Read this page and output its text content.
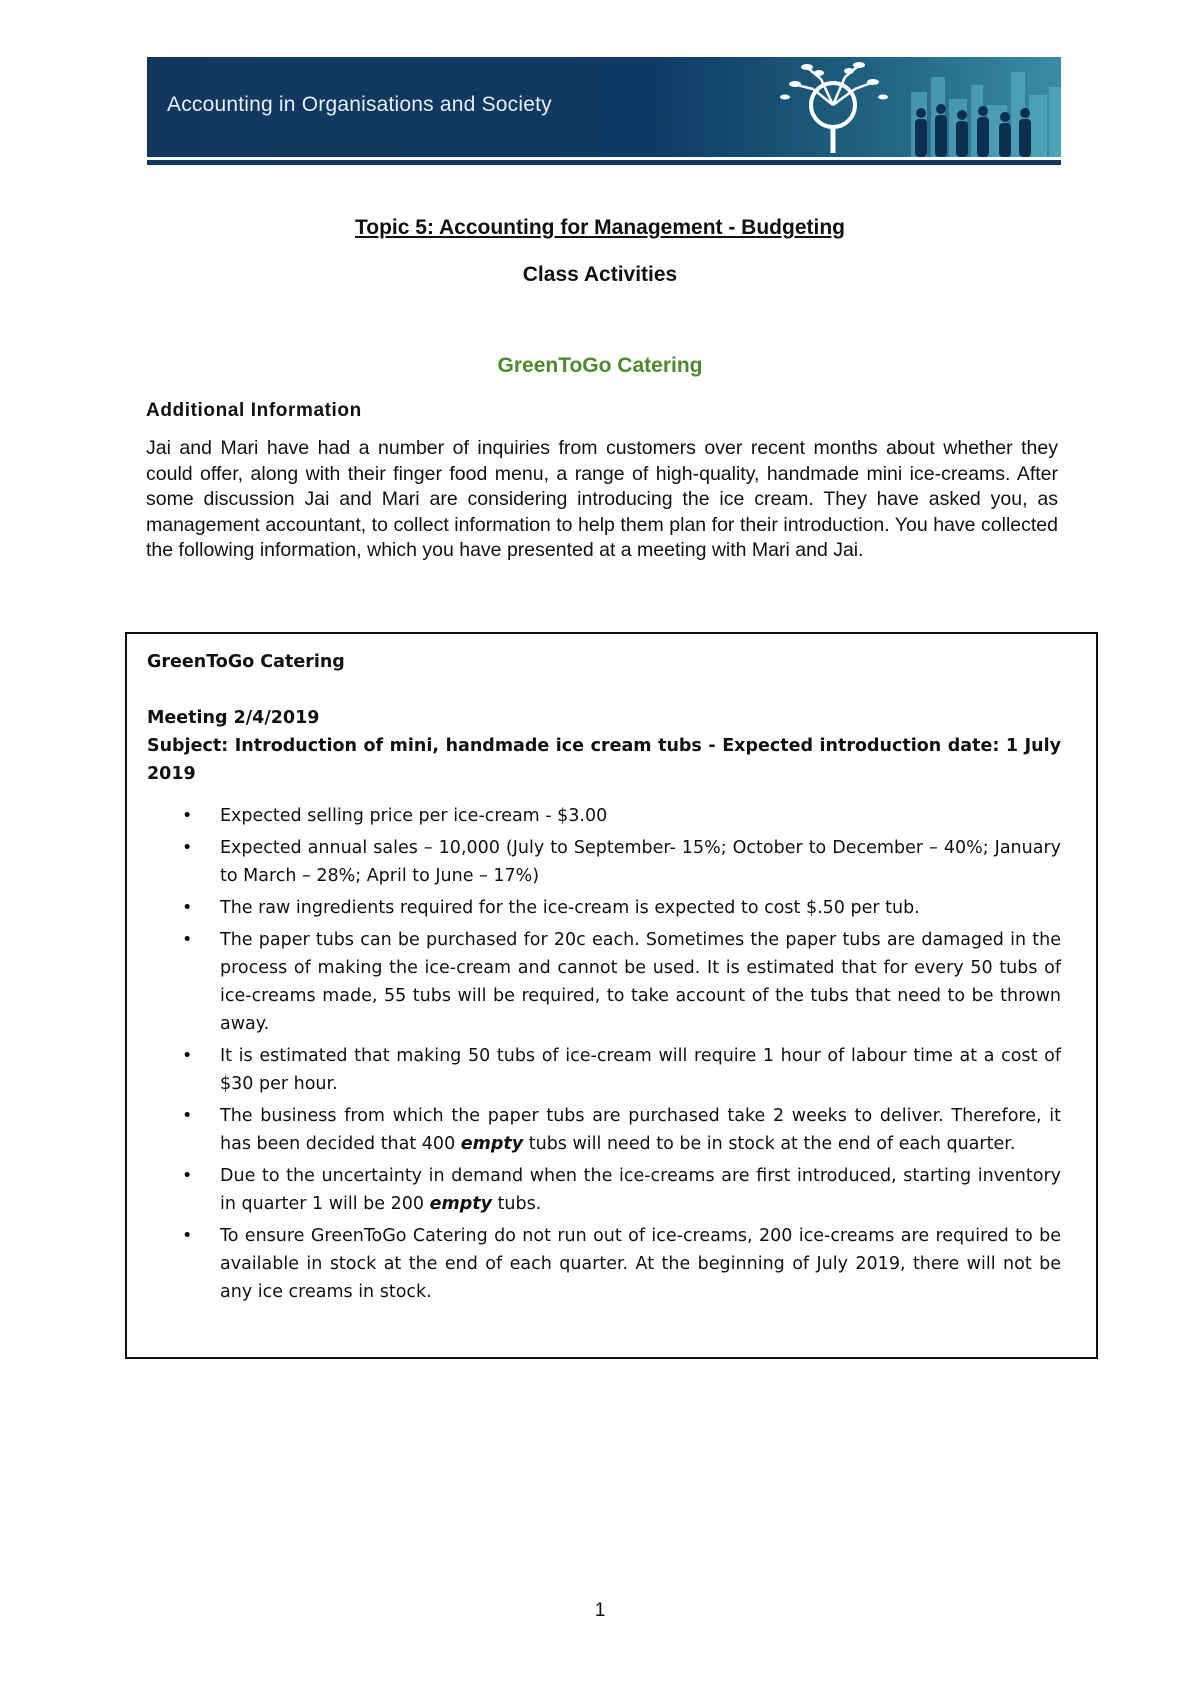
Accounting in Organisations and Society
Topic 5: Accounting for Management - Budgeting
Class Activities
GreenToGo Catering
Additional Information
Jai and Mari have had a number of inquiries from customers over recent months about whether they could offer, along with their finger food menu, a range of high-quality, handmade mini ice-creams. After some discussion Jai and Mari are considering introducing the ice cream. They have asked you, as management accountant, to collect information to help them plan for their introduction. You have collected the following information, which you have presented at a meeting with Mari and Jai.
GreenToGo Catering
Meeting 2/4/2019
Subject: Introduction of mini, handmade ice cream tubs - Expected introduction date: 1 July 2019
• Expected selling price per ice-cream - $3.00
• Expected annual sales – 10,000 (July to September- 15%; October to December – 40%; January to March – 28%; April to June – 17%)
• The raw ingredients required for the ice-cream is expected to cost $.50 per tub.
• The paper tubs can be purchased for 20c each. Sometimes the paper tubs are damaged in the process of making the ice-cream and cannot be used. It is estimated that for every 50 tubs of ice-creams made, 55 tubs will be required, to take account of the tubs that need to be thrown away.
• It is estimated that making 50 tubs of ice-cream will require 1 hour of labour time at a cost of $30 per hour.
• The business from which the paper tubs are purchased take 2 weeks to deliver. Therefore, it has been decided that 400 empty tubs will need to be in stock at the end of each quarter.
• Due to the uncertainty in demand when the ice-creams are first introduced, starting inventory in quarter 1 will be 200 empty tubs.
• To ensure GreenToGo Catering do not run out of ice-creams, 200 ice-creams are required to be available in stock at the end of each quarter. At the beginning of July 2019, there will not be any ice creams in stock.
1
